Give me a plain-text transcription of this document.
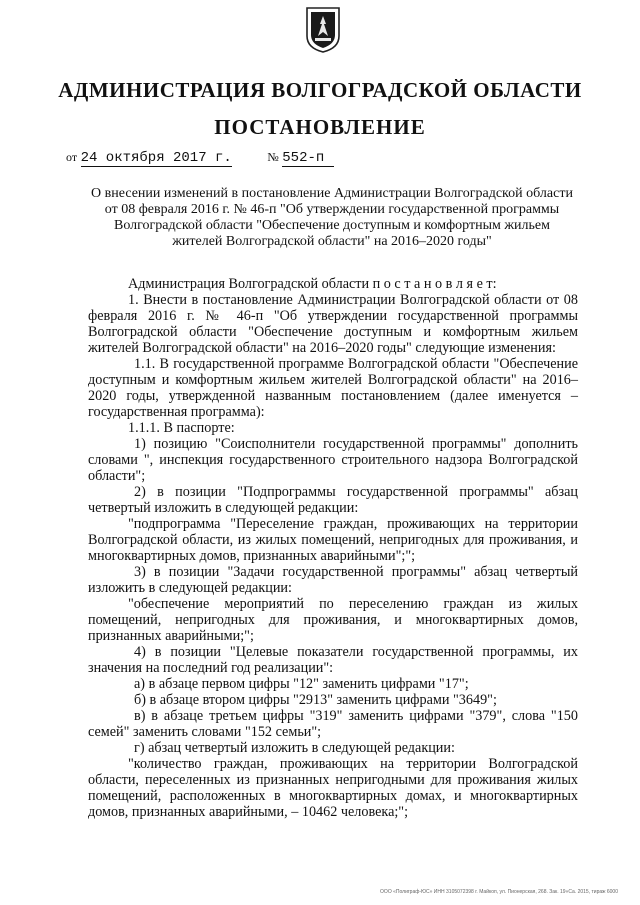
АДМИНИСТРАЦИЯ ВОЛГОГРАДСКОЙ ОБЛАСТИ
ПОСТАНОВЛЕНИЕ
от 24 октября 2017 г.	№ 552-п
О внесении изменений в постановление Администрации Волгоградской области от 08 февраля 2016 г. № 46-п "Об утверждении государственной программы Волгоградской области "Обеспечение доступным и комфортным жильем жителей Волгоградской области" на 2016–2020 годы"

Администрация Волгоградской области п о с т а н о в л я е т:

1. Внести в постановление Администрации Волгоградской области от 08 февраля 2016 г. № 46-п "Об утверждении государственной программы Волгоградской области "Обеспечение доступным и комфортным жильем жителей Волгоградской области" на 2016–2020 годы" следующие изменения:

1.1. В государственной программе Волгоградской области "Обеспечение доступным и комфортным жильем жителей Волгоградской области" на 2016–2020 годы, утвержденной названным постановлением (далее именуется – государственная программа):

1.1.1. В паспорте:

1) позицию "Соисполнители государственной программы" дополнить словами ", инспекция государственного строительного надзора Волгоградской области";

2) в позиции "Подпрограммы государственной программы" абзац четвертый изложить в следующей редакции:

"подпрограмма "Переселение граждан, проживающих на территории Волгоградской области, из жилых помещений, непригодных для проживания, и многоквартирных домов, признанных аварийными";";

3) в позиции "Задачи государственной программы" абзац четвертый изложить в следующей редакции:

"обеспечение мероприятий по переселению граждан из жилых помещений, непригодных для проживания, и многоквартирных домов, признанных аварийными;";

4) в позиции "Целевые показатели государственной программы, их значения на последний год реализации":

а) в абзаце первом цифры "12" заменить цифрами "17";

б) в абзаце втором цифры "2913" заменить цифрами "3649";

в) в абзаце третьем цифры "319" заменить цифрами "379", слова "150 семей" заменить словами "152 семьи";

г) абзац четвертый изложить в следующей редакции:

"количество граждан, проживающих на территории Волгоградской области, переселенных из признанных непригодными для проживания жилых помещений, расположенных в многоквартирных домах, и многоквартирных домов, признанных аварийными, – 10462 человека;";

ООО «Полиграф-ЮС» ИНН 3105072398 г. Майкоп, ул. Пионерская, 268. Зак. 19«Са. 2015, тираж 6000
